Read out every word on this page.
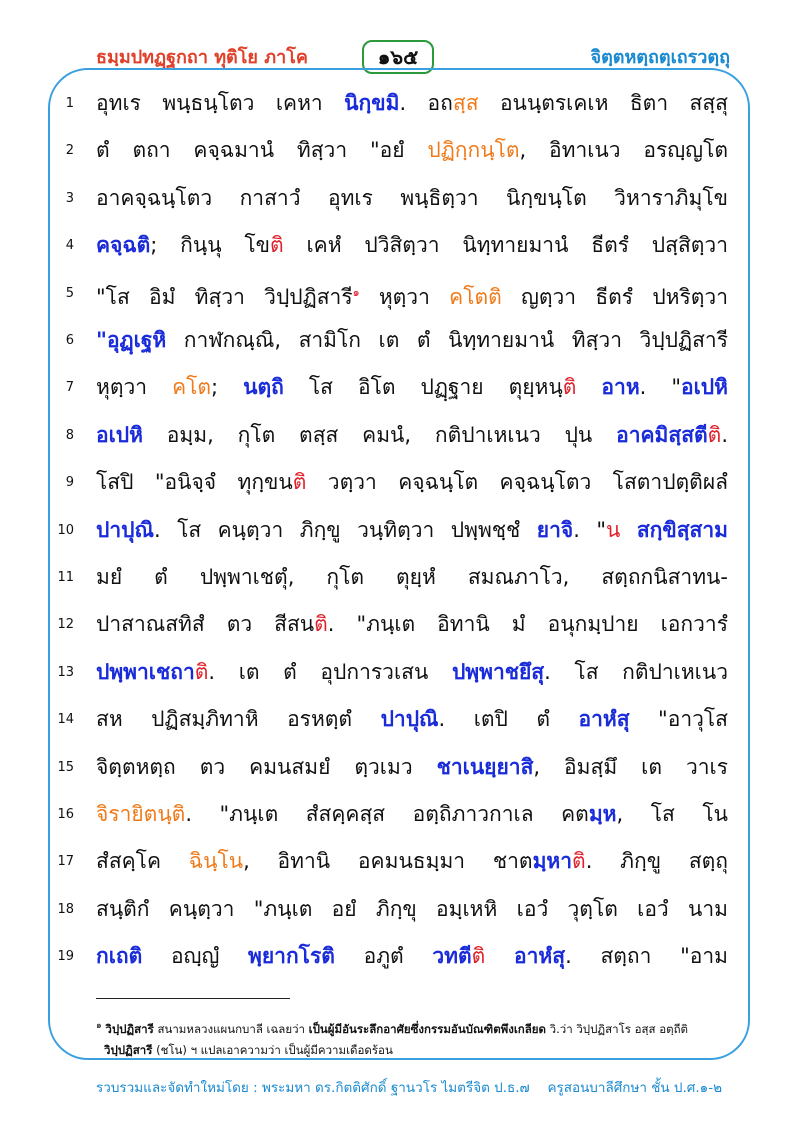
ธมฺมปทฏฺฐกถา ทุติโย ภาโค	๑๖๕	จิตฺตหตฺถตฺเถรวตฺถุ
1 อุทเร พนฺธนฺโตว เคหา นิกฺขมิ. อถสฺส อนนฺตรเคเห ธิตา สสฺสุ
2 ตํ ตถา คจฺฉมานํ ทิสฺวา "อยํ ปฏิกฺกนฺโต, อิทาเนว อรญฺญโต
3 อาคจฺฉนฺโตว กาสาวํ อุทเร พนฺธิตฺวา นิกฺขนฺโต วิหาราภิมุโข
4 คจฺฉติ; กินฺนุ โขติ เคหํ ปวิสิตฺวา นิทฺทายมานํ ธีตรํ ปสฺสิตฺวา
5 "โส อิมํ ทิสฺวา วิปฺปฏิสารี$^๑$ หุตฺวา คโตติ ญตฺวา ธีตรํ ปหริตฺวา
6 "อุฏฺเฐหิ กาฬกณฺณิ, สามิโก เต ตํ นิทฺทายมานํ ทิสฺวา วิปฺปฏิสารี
7 หุตฺวา คโต; นตฺถิ โส อิโต ปฏฺฐาย ตุยฺหนฺติ อาห. "อเปหิ
8 อเปหิ อมฺม, กุโต ตสฺส คมนํ, กติปาเหเนว ปุน อาคมิสฺสตีติ.
9 โสปิ "อนิจฺจํ ทุกฺขนติ วตฺวา คจฺฉนฺโต คจฺฉนฺโตว โสตาปตฺติผลํ
10 ปาปุณิ. โส คนฺตฺวา ภิกฺขู วนฺทิตฺวา ปพฺพชฺชํ ยาจิ. "น สกฺขิสฺสาม
11 มยํ ตํ ปพฺพาเชตุํ, กุโต ตุยฺหํ สมณภาโว, สตฺถกนิสาทน-
12 ปาสาณสทิสํ ตว สีสนติ. "ภนฺเต อิทานิ มํ อนุกมฺปาย เอกวารํ
13 ปพฺพาเชถาติ. เต ตํ อุปการวเสน ปพฺพาชยึสุ. โส กติปาเหเนว
14 สห ปฏิสมฺภิทาหิ อรหตฺตํ ปาปุณิ. เตปิ ตํ อาหํสุ "อาวุโส
15 จิตฺตหตฺถ ตว คมนสมยํ ตฺวเมว ชาเนยฺยาสิ, อิมสฺมึ เต วาเร
16 จิรายิตนฺติ. "ภนฺเต สํสคฺคสฺส อตฺถิภาวกาเล คตมฺห, โส โน
17 สํสคฺโค ฉินฺโน, อิทานิ อคมนธมฺมา ชาตมฺหาติ. ภิกฺขู สตฺถุ
18 สนฺติกํ คนฺตฺวา "ภนฺเต อยํ ภิกฺขุ อมฺเหหิ เอวํ วุตฺโต เอวํ นาม
19 กเถติ อญฺญํ พฺยากโรติ อภูตํ วทตีติ อาหํสุ. สตฺถา "อาม
$^๑$ วิปฺปฏิสารี สนามหลวงแผนกบาลี เฉลยว่า เป็นผู้มีอันระลึกอาศัยซึ่งกรรมอันบัณฑิตพึงเกลียด วิ.ว่า วิปฺปฏิสาโร อสฺส อตฺถีติ
วิปฺปฏิสารี (ชโน) ฯ แปลเอาความว่า เป็นผู้มีความเดือดร้อน
รวบรวมและจัดทำใหม่โดย : พระมหา ดร.กิตติศักดิ์ ฐานวโร ไมตรีจิต ป.ธ.๗ ครูสอนบาลีศึกษา ชั้น ป.ศ.๑-๒
